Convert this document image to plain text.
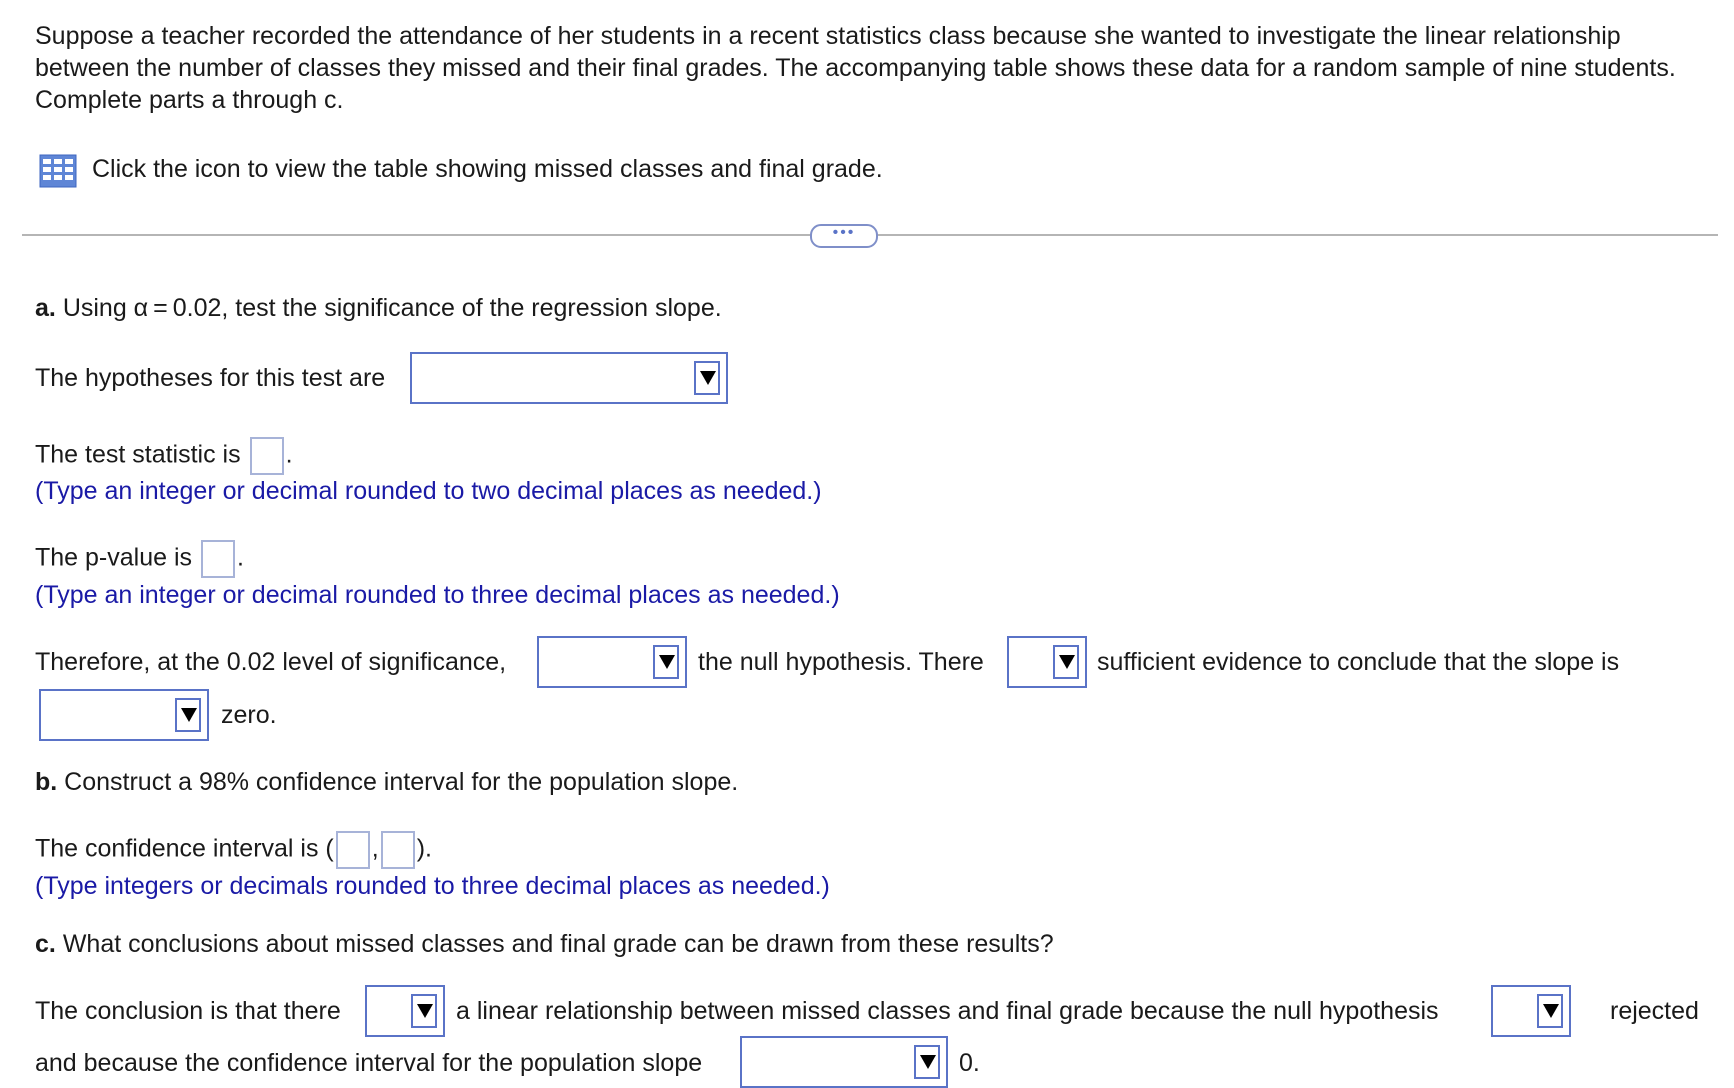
Suppose a teacher recorded the attendance of her students in a recent statistics class because she wanted to investigate the linear relationship between the number of classes they missed and their final grades. The accompanying table shows these data for a random sample of nine students. Complete parts a through c.
Click the icon to view the table showing missed classes and final grade.
•••
a. Using α = 0.02, test the significance of the regression slope.
The hypotheses for this test are
The test statistic is .
(Type an integer or decimal rounded to two decimal places as needed.)
The p-value is .
(Type an integer or decimal rounded to three decimal places as needed.)
Therefore, at the 0.02 level of significance,	the null hypothesis. There	sufficient evidence to conclude that the slope is
zero.
b. Construct a 98% confidence interval for the population slope.
The confidence interval is ( , ).
(Type integers or decimals rounded to three decimal places as needed.)
c. What conclusions about missed classes and final grade can be drawn from these results?
The conclusion is that there	a linear relationship between missed classes and final grade because the null hypothesis	rejected
and because the confidence interval for the population slope	0.
